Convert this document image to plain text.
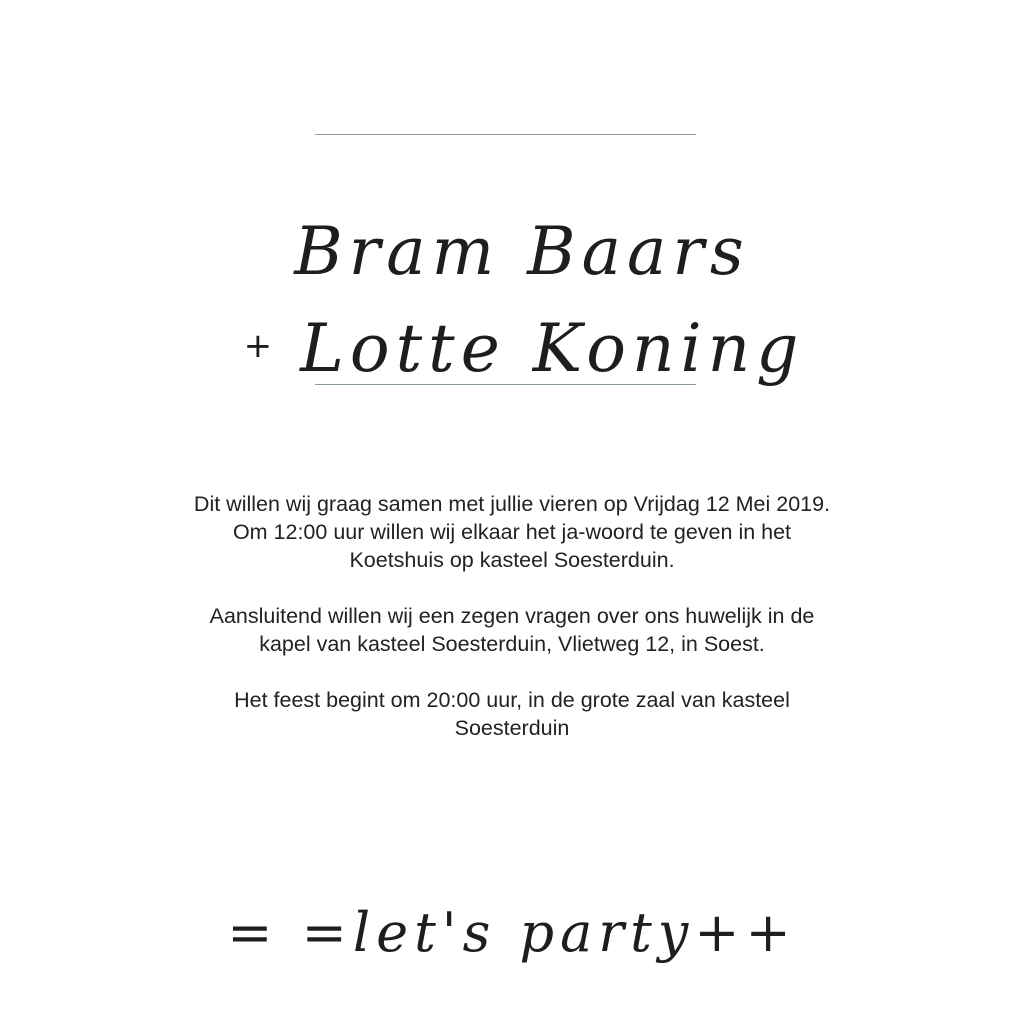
Bram Baars
+ Lotte Koning

Dit willen wij graag samen met jullie vieren op Vrijdag 12 Mei 2019.
Om 12:00 uur willen wij elkaar het ja-woord te geven in het
Koetshuis op kasteel Soesterduin.

Aansluitend willen wij een zegen vragen over ons huwelijk in de
kapel van kasteel Soesterduin, Vlietweg 12, in Soest.

Het feest begint om 20:00 uur, in de grote zaal van kasteel
Soesterduin

= =let's party++
